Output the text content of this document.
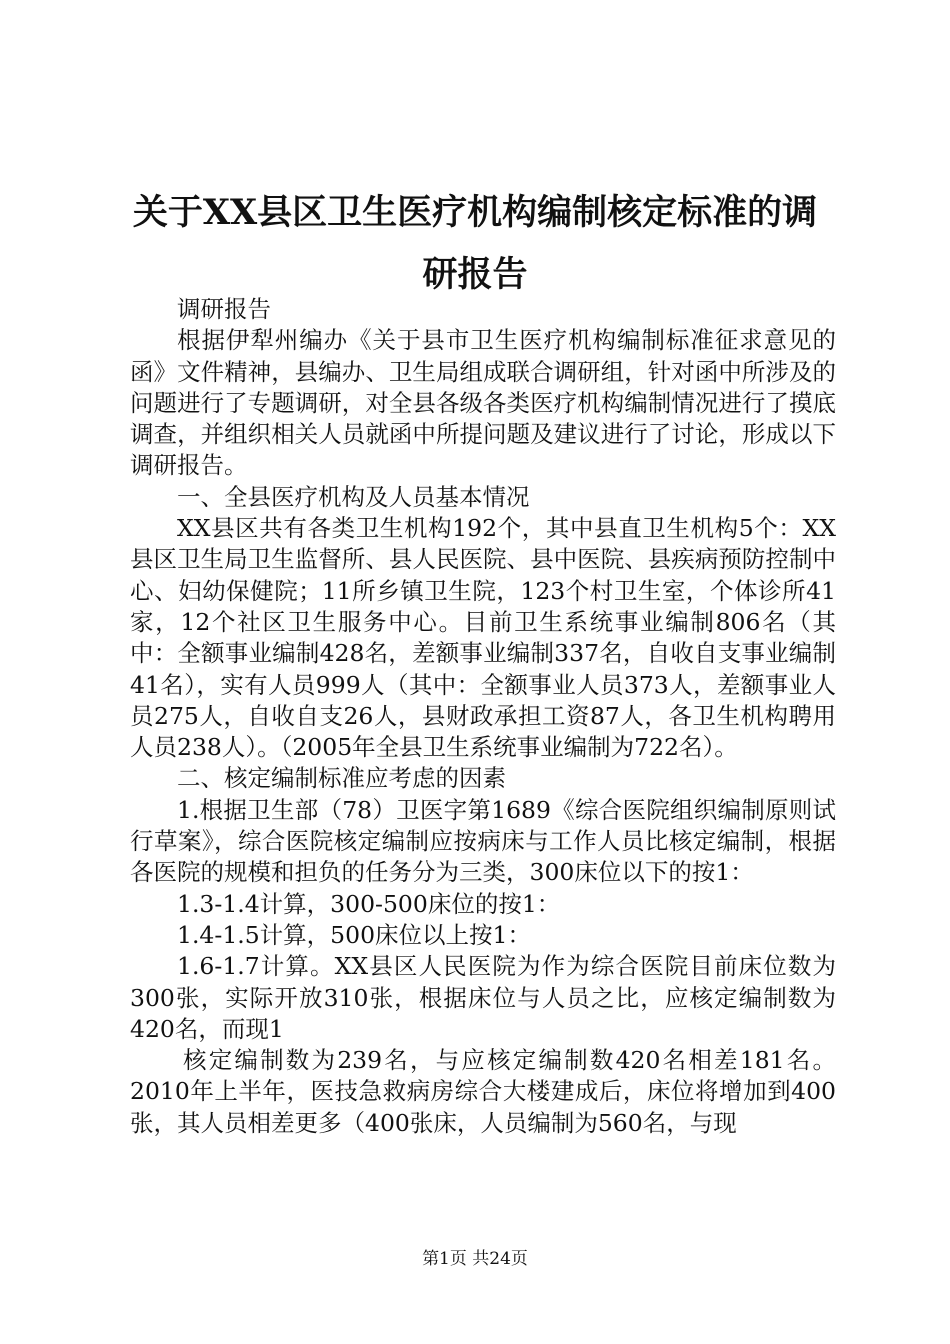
关于XX县区卫生医疗机构编制核定标准的调
研报告

调研报告

根据伊犁州编办《关于县市卫生医疗机构编制标准征求意见的函》文件精神，县编办、卫生局组成联合调研组，针对函中所涉及的问题进行了专题调研，对全县各级各类医疗机构编制情况进行了摸底调查，并组织相关人员就函中所提问题及建议进行了讨论，形成以下调研报告。

一、全县医疗机构及人员基本情况

XX县区共有各类卫生机构192个，其中县直卫生机构5个：XX县区卫生局卫生监督所、县人民医院、县中医院、县疾病预防控制中心、妇幼保健院；11所乡镇卫生院，123个村卫生室，个体诊所41家，12个社区卫生服务中心。目前卫生系统事业编制806名（其中：全额事业编制428名，差额事业编制337名，自收自支事业编制41名），实有人员999人（其中：全额事业人员373人，差额事业人员275人，自收自支26人，县财政承担工资87人，各卫生机构聘用人员238人）。（2005年全县卫生系统事业编制为722名）。

二、核定编制标准应考虑的因素

1.根据卫生部（78）卫医字第1689《综合医院组织编制原则试行草案》，综合医院核定编制应按病床与工作人员比核定编制，根据各医院的规模和担负的任务分为三类，300床位以下的按1：

1.3-1.4计算，300-500床位的按1：

1.4-1.5计算，500床位以上按1：

1.6-1.7计算。XX县区人民医院为作为综合医院目前床位数为300张，实际开放310张，根据床位与人员之比，应核定编制数为420名，而现1

核定编制数为239名，与应核定编制数420名相差181名。2010年上半年，医技急救病房综合大楼建成后，床位将增加到400张，其人员相差更多（400张床，人员编制为560名，与现

第1页 共24页
